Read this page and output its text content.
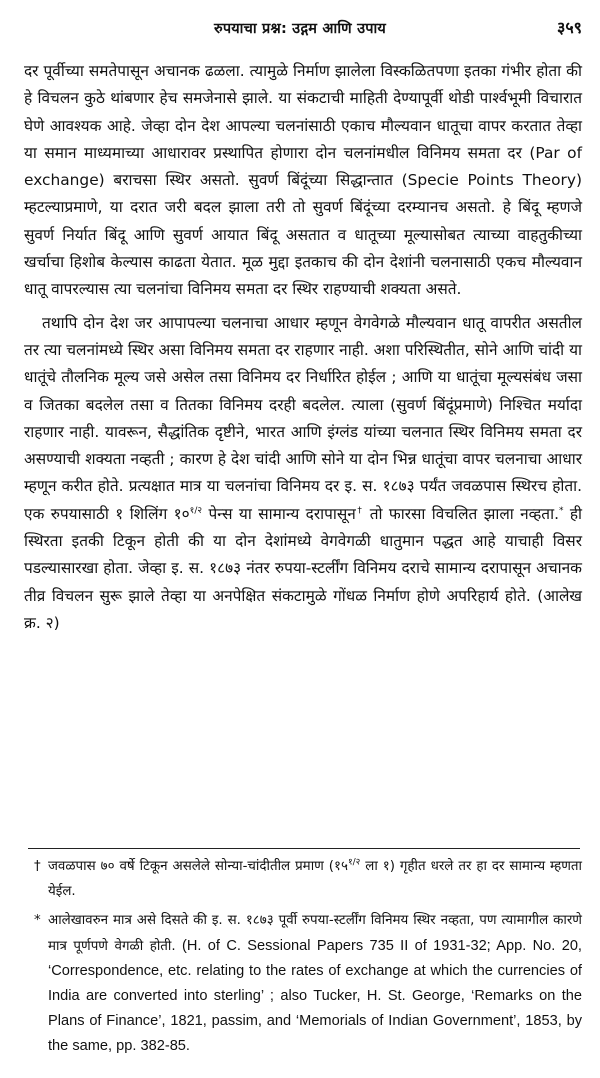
रुपयाचा प्रश्न: उद्गम आणि उपाय	३५९

दर पूर्वीच्या समतेपासून अचानक ढळला. त्यामुळे निर्माण झालेला विस्कळितपणा इतका गंभीर होता की हे विचलन कुठे थांबणार हेच समजेनासे झाले. या संकटाची माहिती देण्यापूर्वी थोडी पार्श्वभूमी विचारात घेणे आवश्यक आहे. जेव्हा दोन देश आपल्या चलनांसाठी एकाच मौल्यवान धातूचा वापर करतात तेव्हा या समान माध्यमाच्या आधारावर प्रस्थापित होणारा दोन चलनांमधील विनिमय समता दर (Par of exchange) बराचसा स्थिर असतो. सुवर्ण बिंदूंच्या सिद्धान्तात (Specie Points Theory) म्हटल्याप्रमाणे, या दरात जरी बदल झाला तरी तो सुवर्ण बिंदूंच्या दरम्यानच असतो. हे बिंदू म्हणजे सुवर्ण निर्यात बिंदू आणि सुवर्ण आयात बिंदू असतात व धातूच्या मूल्यासोबत त्याच्या वाहतुकीच्या खर्चाचा हिशोब केल्यास काढता येतात. मूळ मुद्दा इतकाच की दोन देशांनी चलनासाठी एकच मौल्यवान धातू वापरल्यास त्या चलनांचा विनिमय समता दर स्थिर राहण्याची शक्यता असते.

तथापि दोन देश जर आपापल्या चलनाचा आधार म्हणून वेगवेगळे मौल्यवान धातू वापरीत असतील तर त्या चलनांमध्ये स्थिर असा विनिमय समता दर राहणार नाही. अशा परिस्थितीत, सोने आणि चांदी या धातूंचे तौलनिक मूल्य जसे असेल तसा विनिमय दर निर्धारित होईल ; आणि या धातूंचा मूल्यसंबंध जसा व जितका बदलेल तसा व तितका विनिमय दरही बदलेल. त्याला (सुवर्ण बिंदूंप्रमाणे) निश्चित मर्यादा राहणार नाही. यावरून, सैद्धांतिक दृष्टीने, भारत आणि इंग्लंड यांच्या चलनात स्थिर विनिमय समता दर असण्याची शक्यता नव्हती ; कारण हे देश चांदी आणि सोने या दोन भिन्न धातूंचा वापर चलनाचा आधार म्हणून करीत होते. प्रत्यक्षात मात्र या चलनांचा विनिमय दर इ. स. १८७३ पर्यंत जवळपास स्थिरच होता. एक रुपयासाठी १ शिलिंग $१०^{१/२}$ पेन्स या सामान्य दरापासून† तो फारसा विचलित झाला नव्हता.* ही स्थिरता इतकी टिकून होती की या दोन देशांमध्ये वेगवेगळी धातुमान पद्धत आहे याचाही विसर पडल्यासारखा होता. जेव्हा इ. स. १८७३ नंतर रुपया-स्टर्लींग विनिमय दराचे सामान्य दरापासून अचानक तीव्र विचलन सुरू झाले तेव्हा या अनपेक्षित संकटामुळे गोंधळ निर्माण होणे अपरिहार्य होते. (आलेख क्र. २)

† जवळपास ७० वर्षे टिकून असलेले सोन्या-चांदीतील प्रमाण ($१५^{१/२}$ ला १) गृहीत धरले तर हा दर सामान्य म्हणता येईल.

* आलेखावरुन मात्र असे दिसते की इ. स. १८७३ पूर्वी रुपया-स्टर्लींग विनिमय स्थिर नव्हता, पण त्यामागील कारणे मात्र पूर्णपणे वेगळी होती. (H. of C. Sessional Papers 735 II of 1931-32; App. No. 20, ‘Correspondence, etc. relating to the rates of exchange at which the currencies of India are converted into sterling’ ; also Tucker, H. St. George, ‘Remarks on the Plans of Finance’, 1821, passim, and ‘Memorials of Indian Government’, 1853, by the same, pp. 382-85.
